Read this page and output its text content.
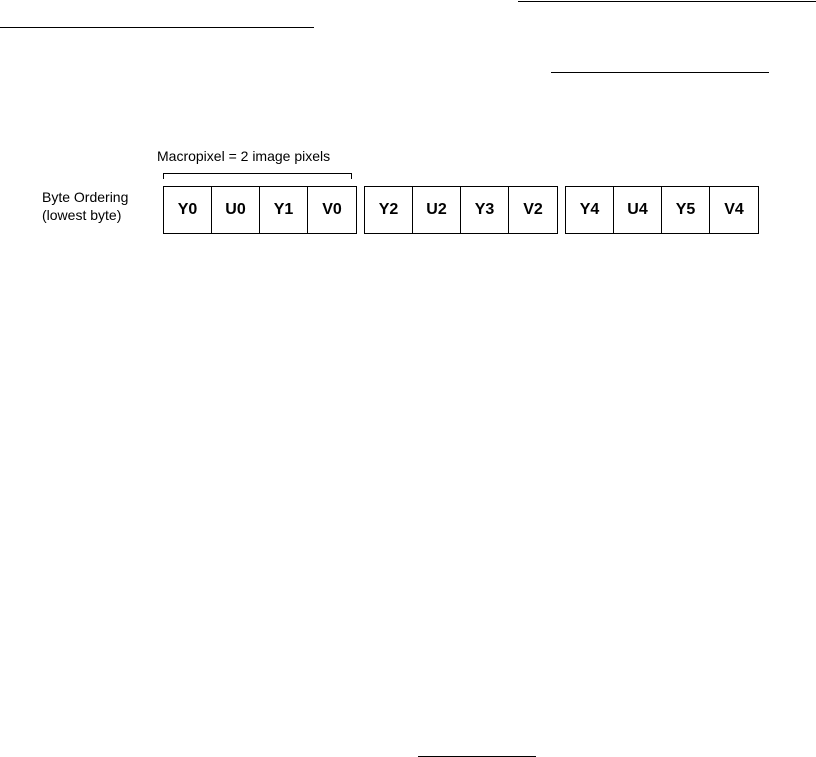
Macropixel = 2 image pixels
Byte Ordering
(lowest byte)	Y0	U0	Y1	V0	Y2	U2	Y3	V2	Y4	U4	Y5	V4
